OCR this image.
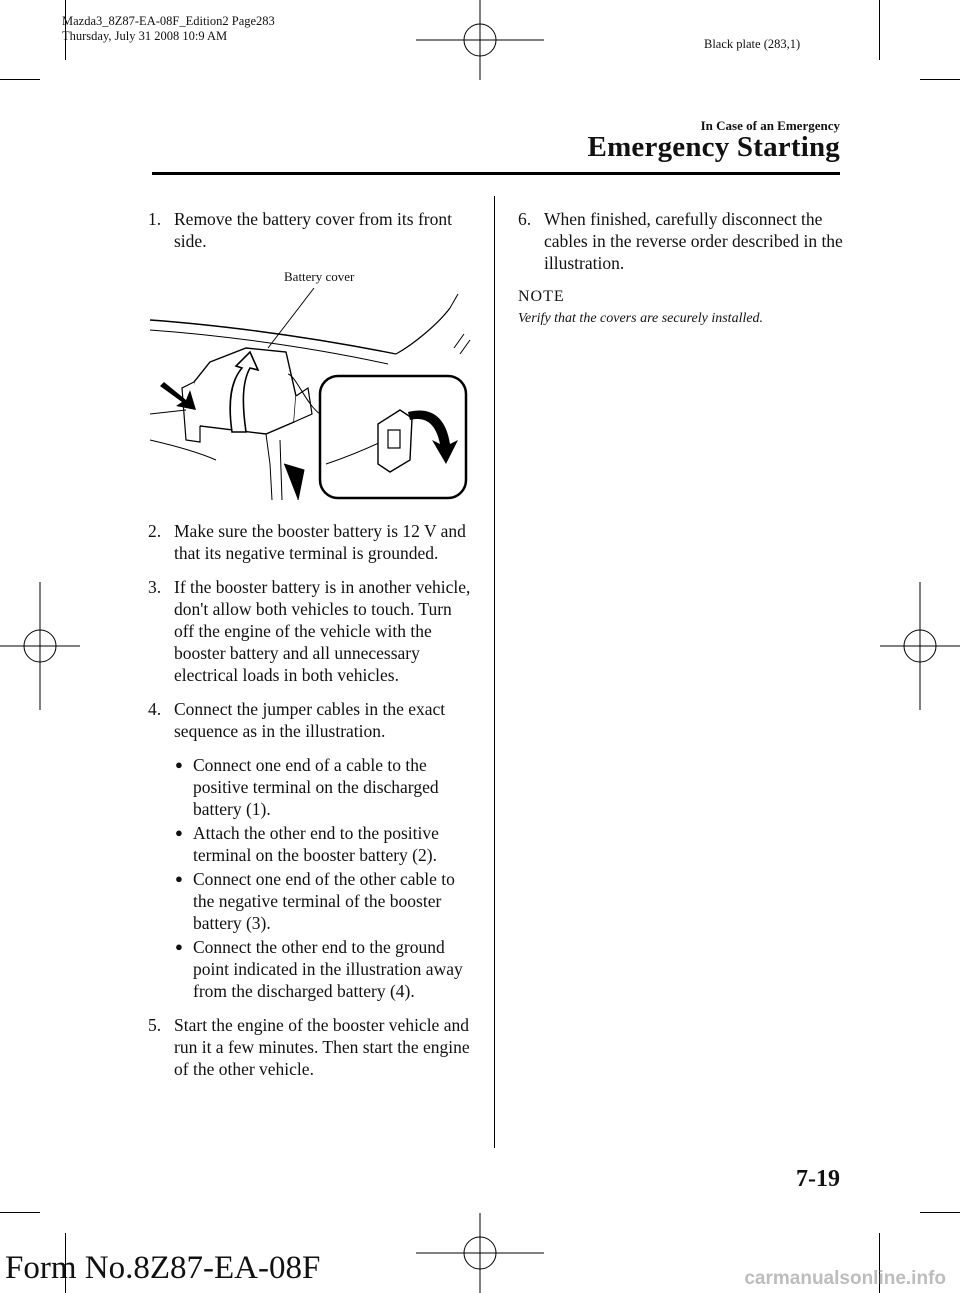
Mazda3_8Z87-EA-08F_Edition2 Page283
Thursday, July 31 2008 10:9 AM
Black plate (283,1)
In Case of an Emergency
Emergency Starting
1. Remove the battery cover from its front side.
Battery cover
2. Make sure the booster battery is 12 V and that its negative terminal is grounded.
3. If the booster battery is in another vehicle, don't allow both vehicles to touch. Turn off the engine of the vehicle with the booster battery and all unnecessary electrical loads in both vehicles.
4. Connect the jumper cables in the exact sequence as in the illustration.
● Connect one end of a cable to the positive terminal on the discharged battery (1).
● Attach the other end to the positive terminal on the booster battery (2).
● Connect one end of the other cable to the negative terminal of the booster battery (3).
● Connect the other end to the ground point indicated in the illustration away from the discharged battery (4).
5. Start the engine of the booster vehicle and run it a few minutes. Then start the engine of the other vehicle.
6. When finished, carefully disconnect the cables in the reverse order described in the illustration.
NOTE
Verify that the covers are securely installed.
7-19
Form No.8Z87-EA-08F	carmanualsonline.info
